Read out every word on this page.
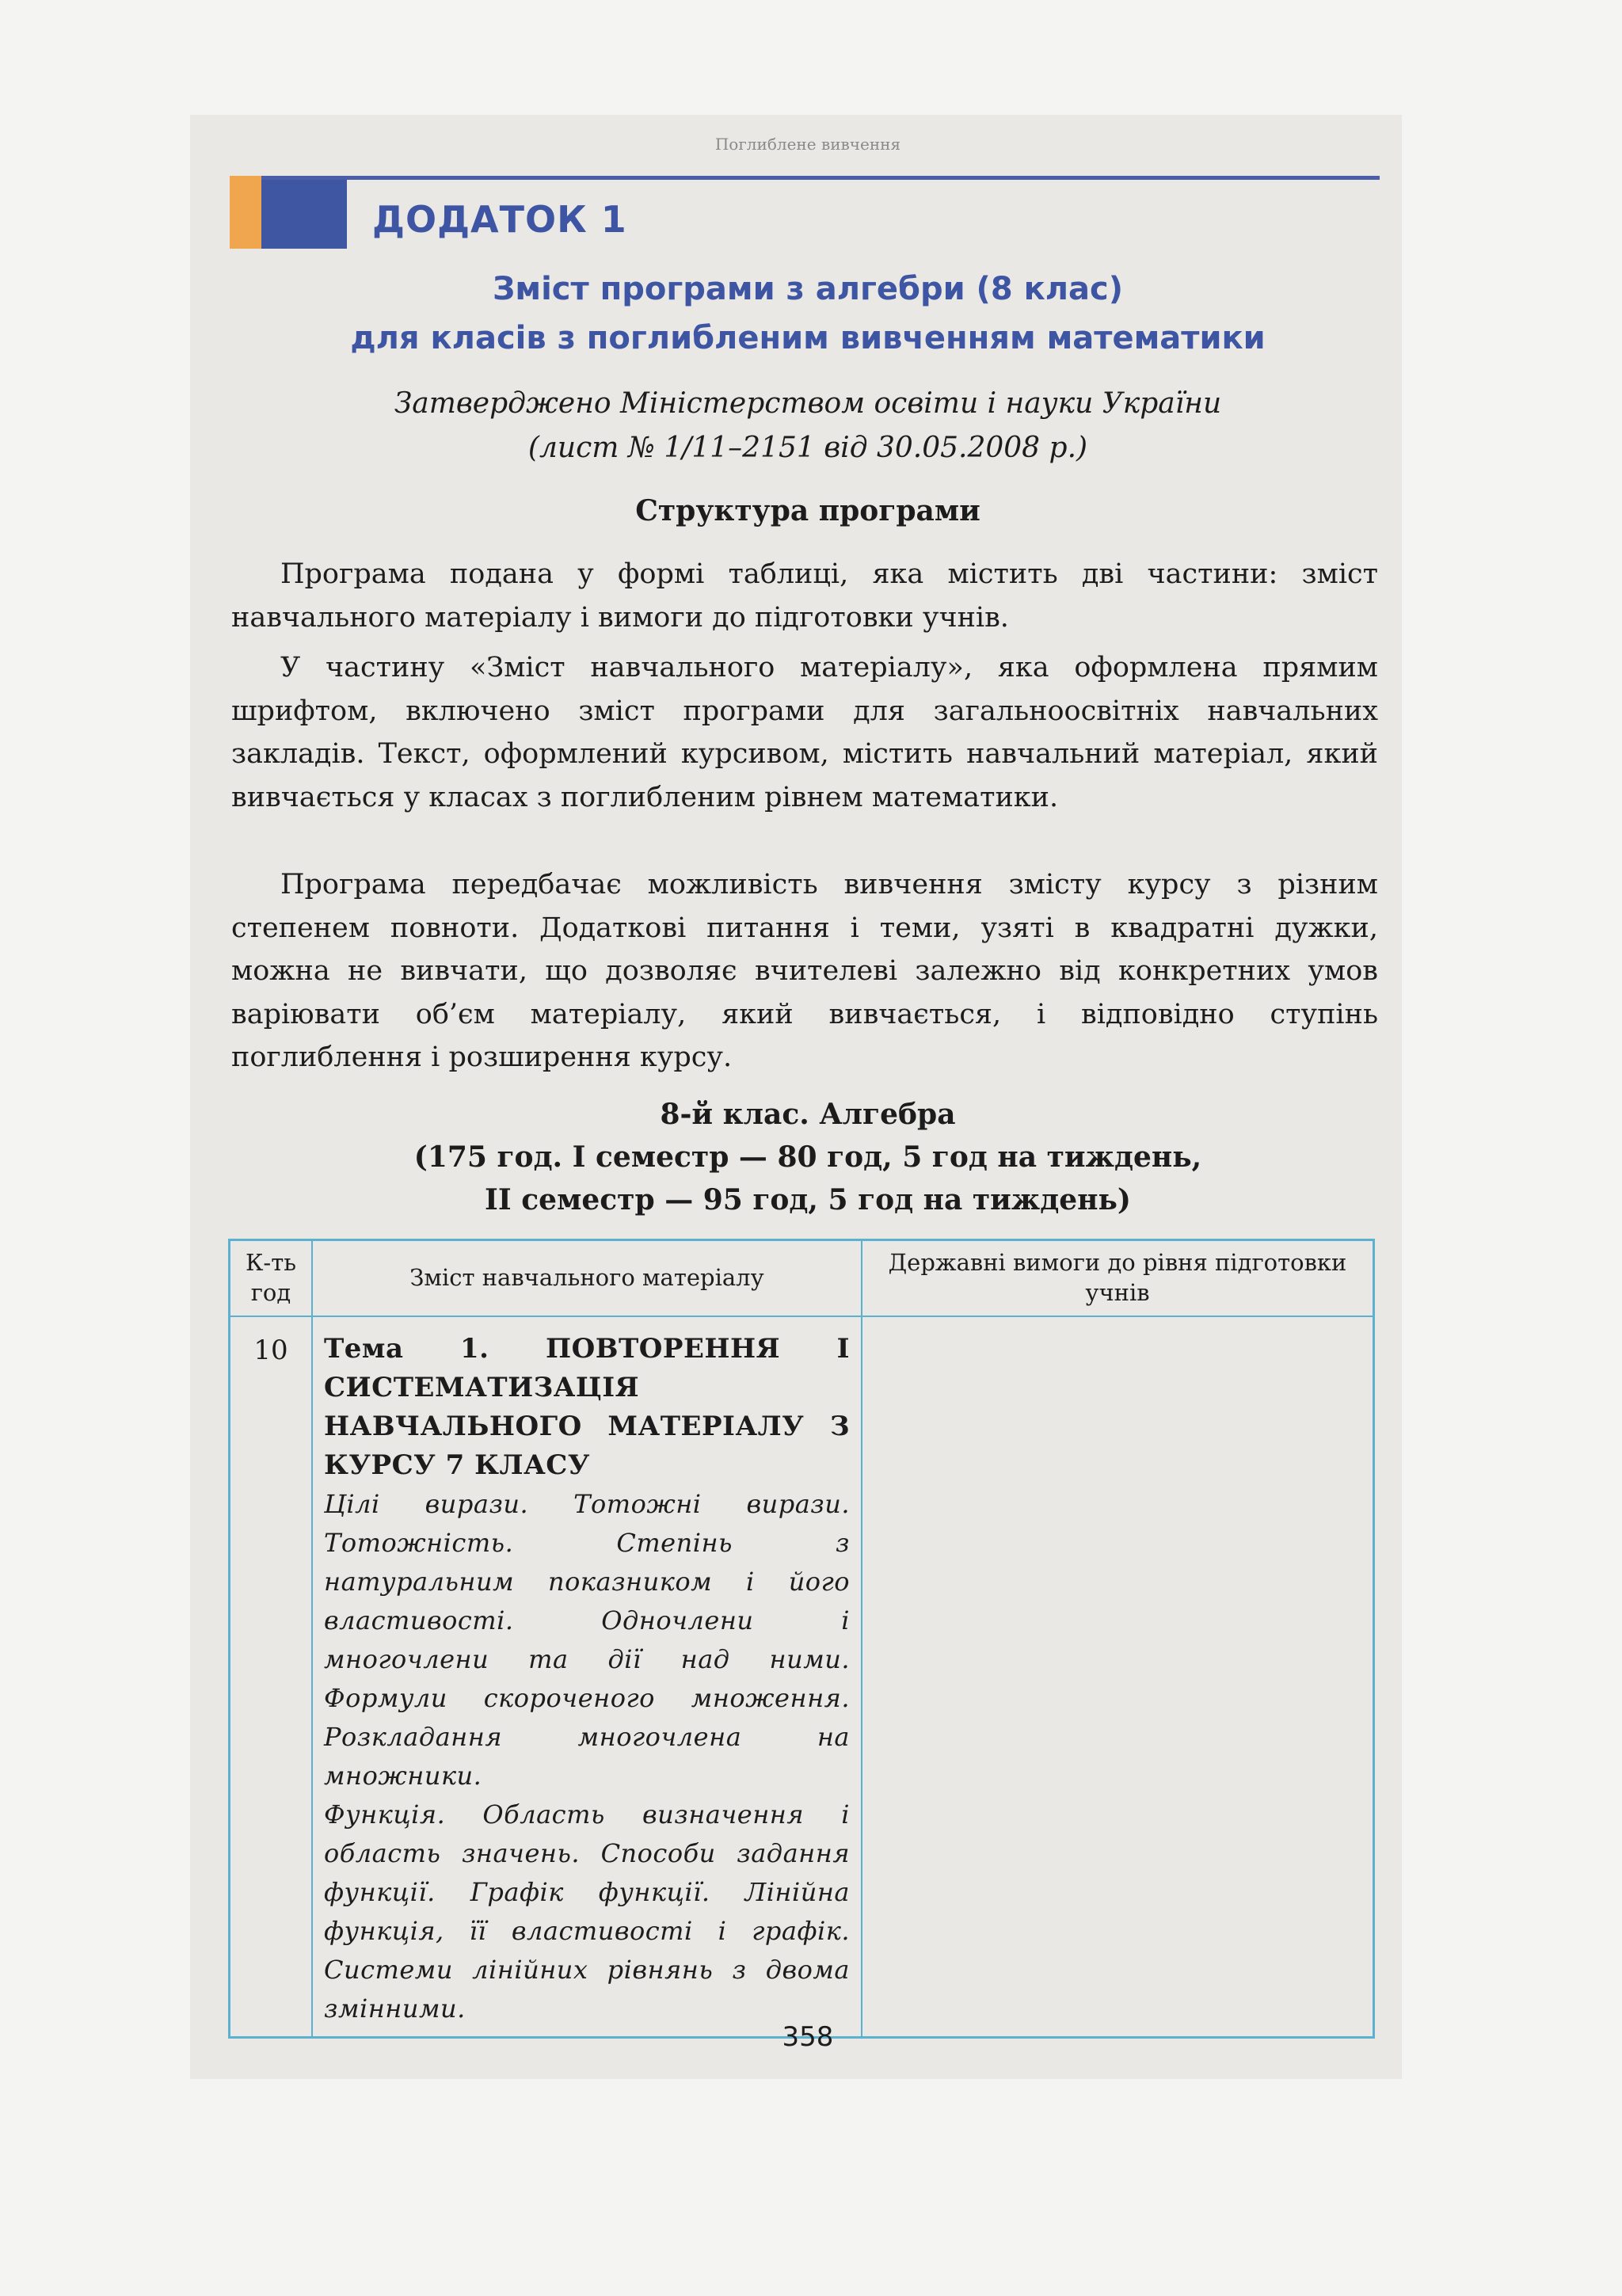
Поглиблене вивчення
ДОДАТОК 1
Зміст програми з алгебри (8 клас)
для класів з поглибленим вивченням математики
Затверджено Міністерством освіти і науки України
(лист № 1/11–2151 від 30.05.2008 р.)
Структура програми

Програма подана у формі таблиці, яка містить дві частини: зміст навчального матеріалу і вимоги до підготовки учнів.

У частину «Зміст навчального матеріалу», яка оформлена прямим шрифтом, включено зміст програми для загальноосвітніх навчальних закладів. Текст, оформлений курсивом, містить навчальний матеріал, який вивчається у класах з поглибленим рівнем математики.

Програма передбачає можливість вивчення змісту курсу з різним степенем повноти. Додаткові питання і теми, узяті в квадратні дужки, можна не вивчати, що дозволяє вчителеві залежно від конкретних умов варіювати об’єм матеріалу, який вивчається, і відповідно ступінь поглиблення і розширення курсу.

8-й клас. Алгебра
(175 год. I семестр — 80 год, 5 год на тиждень,
II семестр — 95 год, 5 год на тиждень)
К-ть год	Зміст навчального матеріалу	Державні вимоги до рівня підготовки учнів
10	Тема 1. ПОВТОРЕННЯ І СИСТЕМАТИЗАЦІЯ НАВЧАЛЬНОГО МАТЕРІАЛУ З КУРСУ 7 КЛАСУ

Цілі вирази. Тотожні вирази. Тотожність. Степінь з натуральним показником і його властивості. Одночлени і многочлени та дії над ними. Формули скороченого множення. Розкладання многочлена на множники.

Функція. Область визначення і область значень. Способи задання функції. Графік функції. Лінійна функція, її властивості і графік. Системи лінійних рівнянь з двома змінними.	

358
